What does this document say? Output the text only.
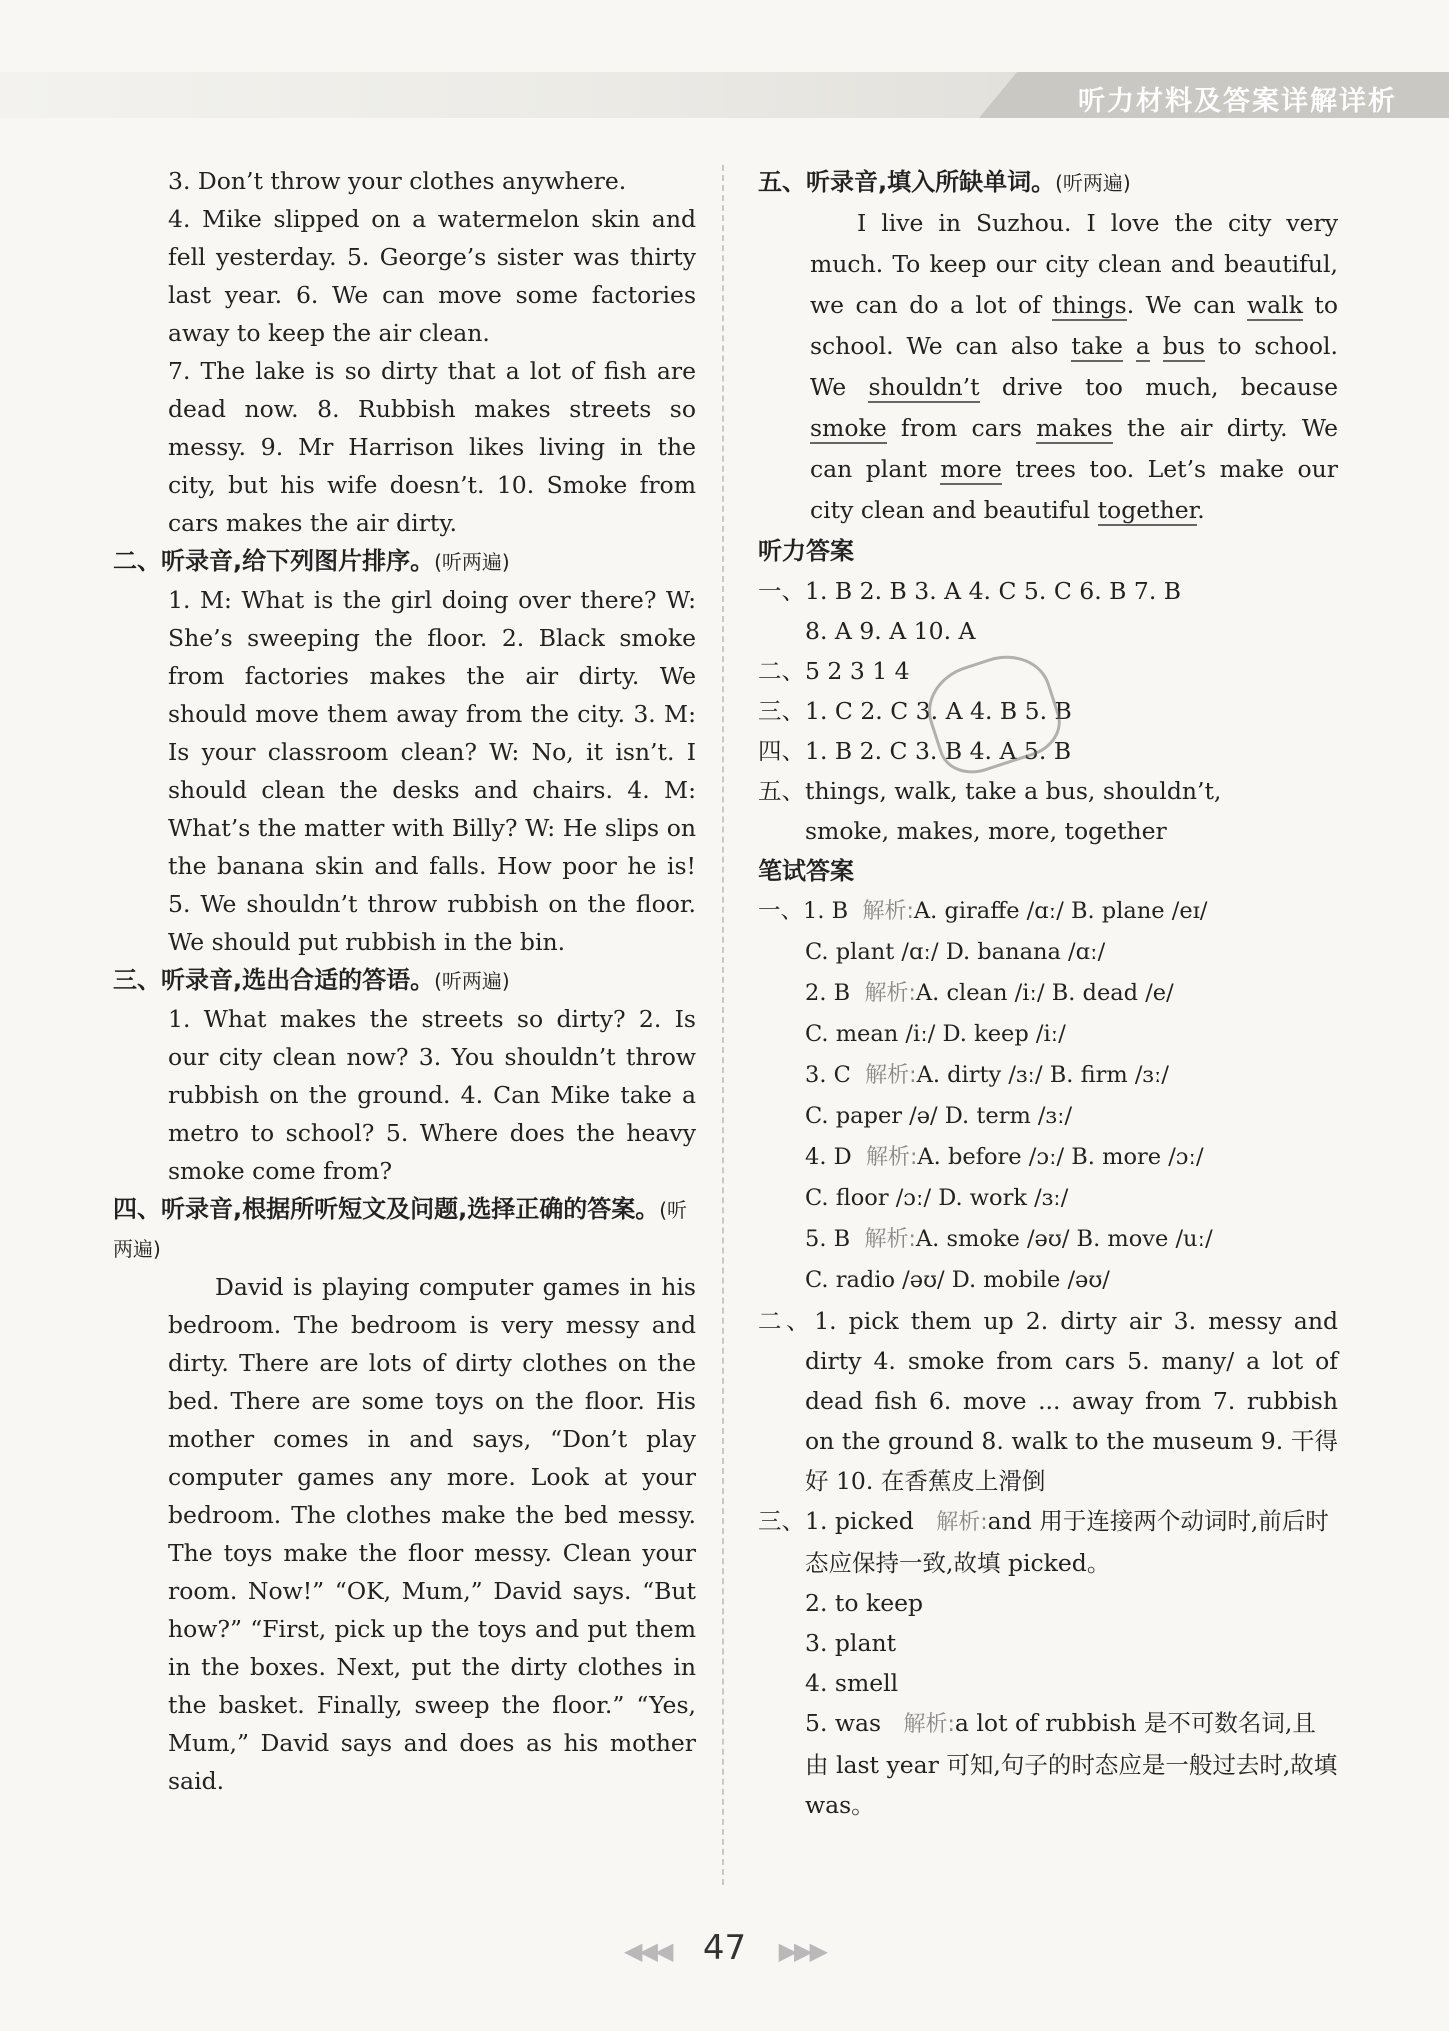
听力材料及答案详解详析
3. Don’t throw your clothes anywhere.
4. Mike slipped on a watermelon skin and fell yesterday. 5. George’s sister was thirty last year. 6. We can move some factories away to keep the air clean.
7. The lake is so dirty that a lot of fish are dead now. 8. Rubbish makes streets so messy. 9. Mr Harrison likes living in the city, but his wife doesn’t. 10. Smoke from cars makes the air dirty.
二、听录音,给下列图片排序。(听两遍)
1. M: What is the girl doing over there? W: She’s sweeping the floor. 2. Black smoke from factories makes the air dirty. We should move them away from the city. 3. M: Is your classroom clean? W: No, it isn’t. I should clean the desks and chairs. 4. M: What’s the matter with Billy? W: He slips on the banana skin and falls. How poor he is! 5. We shouldn’t throw rubbish on the floor. We should put rubbish in the bin.
三、听录音,选出合适的答语。(听两遍)
1. What makes the streets so dirty? 2. Is our city clean now? 3. You shouldn’t throw rubbish on the ground. 4. Can Mike take a metro to school? 5. Where does the heavy smoke come from?
四、听录音,根据所听短文及问题,选择正确的答案。(听两遍)
David is playing computer games in his bedroom. The bedroom is very messy and dirty. There are lots of dirty clothes on the bed. There are some toys on the floor. His mother comes in and says, “Don’t play computer games any more. Look at your bedroom. The clothes make the bed messy. The toys make the floor messy. Clean your room. Now!” “OK, Mum,” David says. “But how?” “First, pick up the toys and put them in the boxes. Next, put the dirty clothes in the basket. Finally, sweep the floor.” “Yes, Mum,” David says and does as his mother said.
五、听录音,填入所缺单词。(听两遍)
I live in Suzhou. I love the city very much. To keep our city clean and beautiful, we can do a lot of things. We can walk to school. We can also take a bus to school. We shouldn’t drive too much, because smoke from cars makes the air dirty. We can plant more trees too. Let’s make our city clean and beautiful together.
听力答案
一、1. B 2. B 3. A 4. C 5. C 6. B 7. B
8. A 9. A 10. A
二、5 2 3 1 4
三、1. C 2. C 3. A 4. B 5. B
四、1. B 2. C 3. B 4. A 5. B
五、things, walk, take a bus, shouldn’t,
smoke, makes, more, together
笔试答案
一、1. B 解析:A. giraffe /ɑː/ B. plane /eɪ/
C. plant /ɑː/ D. banana /ɑː/
2. B 解析:A. clean /iː/ B. dead /e/
C. mean /iː/ D. keep /iː/
3. C 解析:A. dirty /ɜː/ B. firm /ɜː/
C. paper /ə/ D. term /ɜː/
4. D 解析:A. before /ɔː/ B. more /ɔː/
C. floor /ɔː/ D. work /ɜː/
5. B 解析:A. smoke /əʊ/ B. move /uː/
C. radio /əʊ/ D. mobile /əʊ/
二、1. pick them up 2. dirty air 3. messy and dirty 4. smoke from cars 5. many/ a lot of dead fish 6. move ... away from 7. rubbish on the ground 8. walk to the museum 9. 干得好 10. 在香蕉皮上滑倒
三、1. picked 解析:and 用于连接两个动词时,前后时态应保持一致,故填 picked。
2. to keep
3. plant
4. smell
5. was 解析:a lot of rubbish 是不可数名词,且由 last year 可知,句子的时态应是一般过去时,故填 was。
◀◀◀ 47 ▶▶▶
